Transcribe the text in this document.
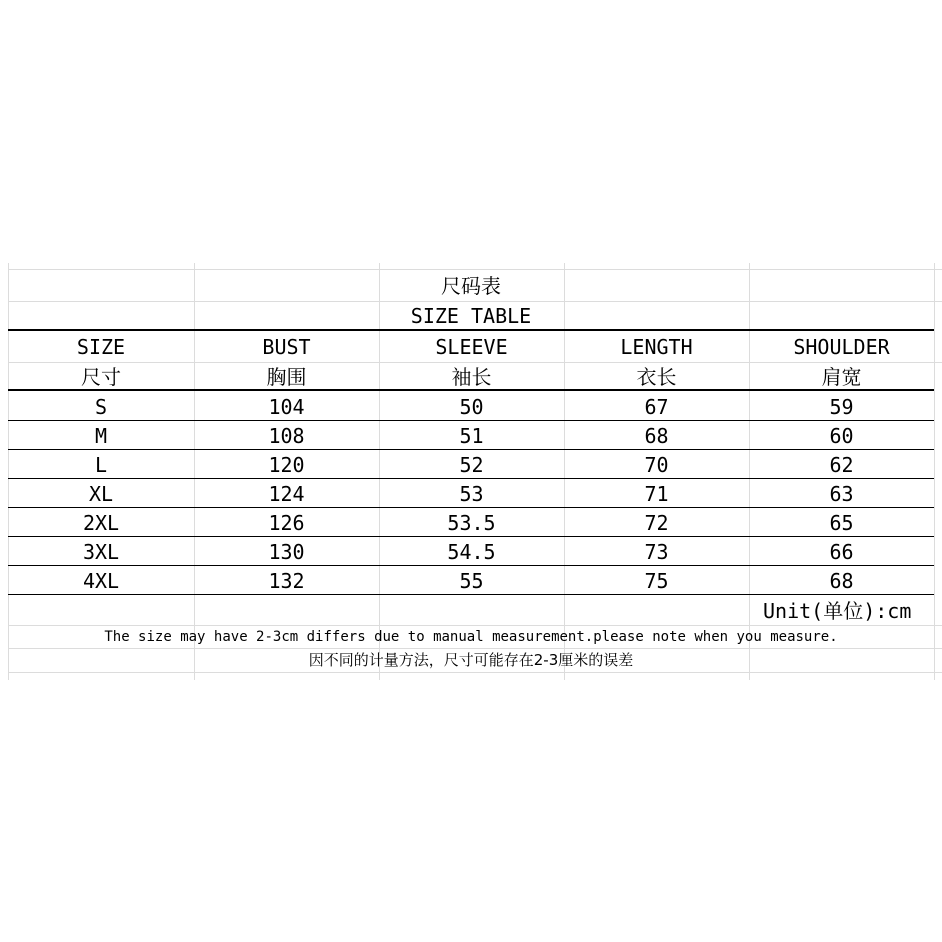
尺码表
SIZE TABLE
SIZE	BUST	SLEEVE	LENGTH	SHOULDER
尺寸	胸围	袖长	衣长	肩宽
S	104	50	67	59
M	108	51	68	60
L	120	52	70	62
XL	124	53	71	63
2XL	126	53.5	72	65
3XL	130	54.5	73	66
4XL	132	55	75	68
Unit(单位):cm
The size may have 2-3cm differs due to manual measurement.please note when you measure.
因不同的计量方法，尺寸可能存在2-3厘米的误差
